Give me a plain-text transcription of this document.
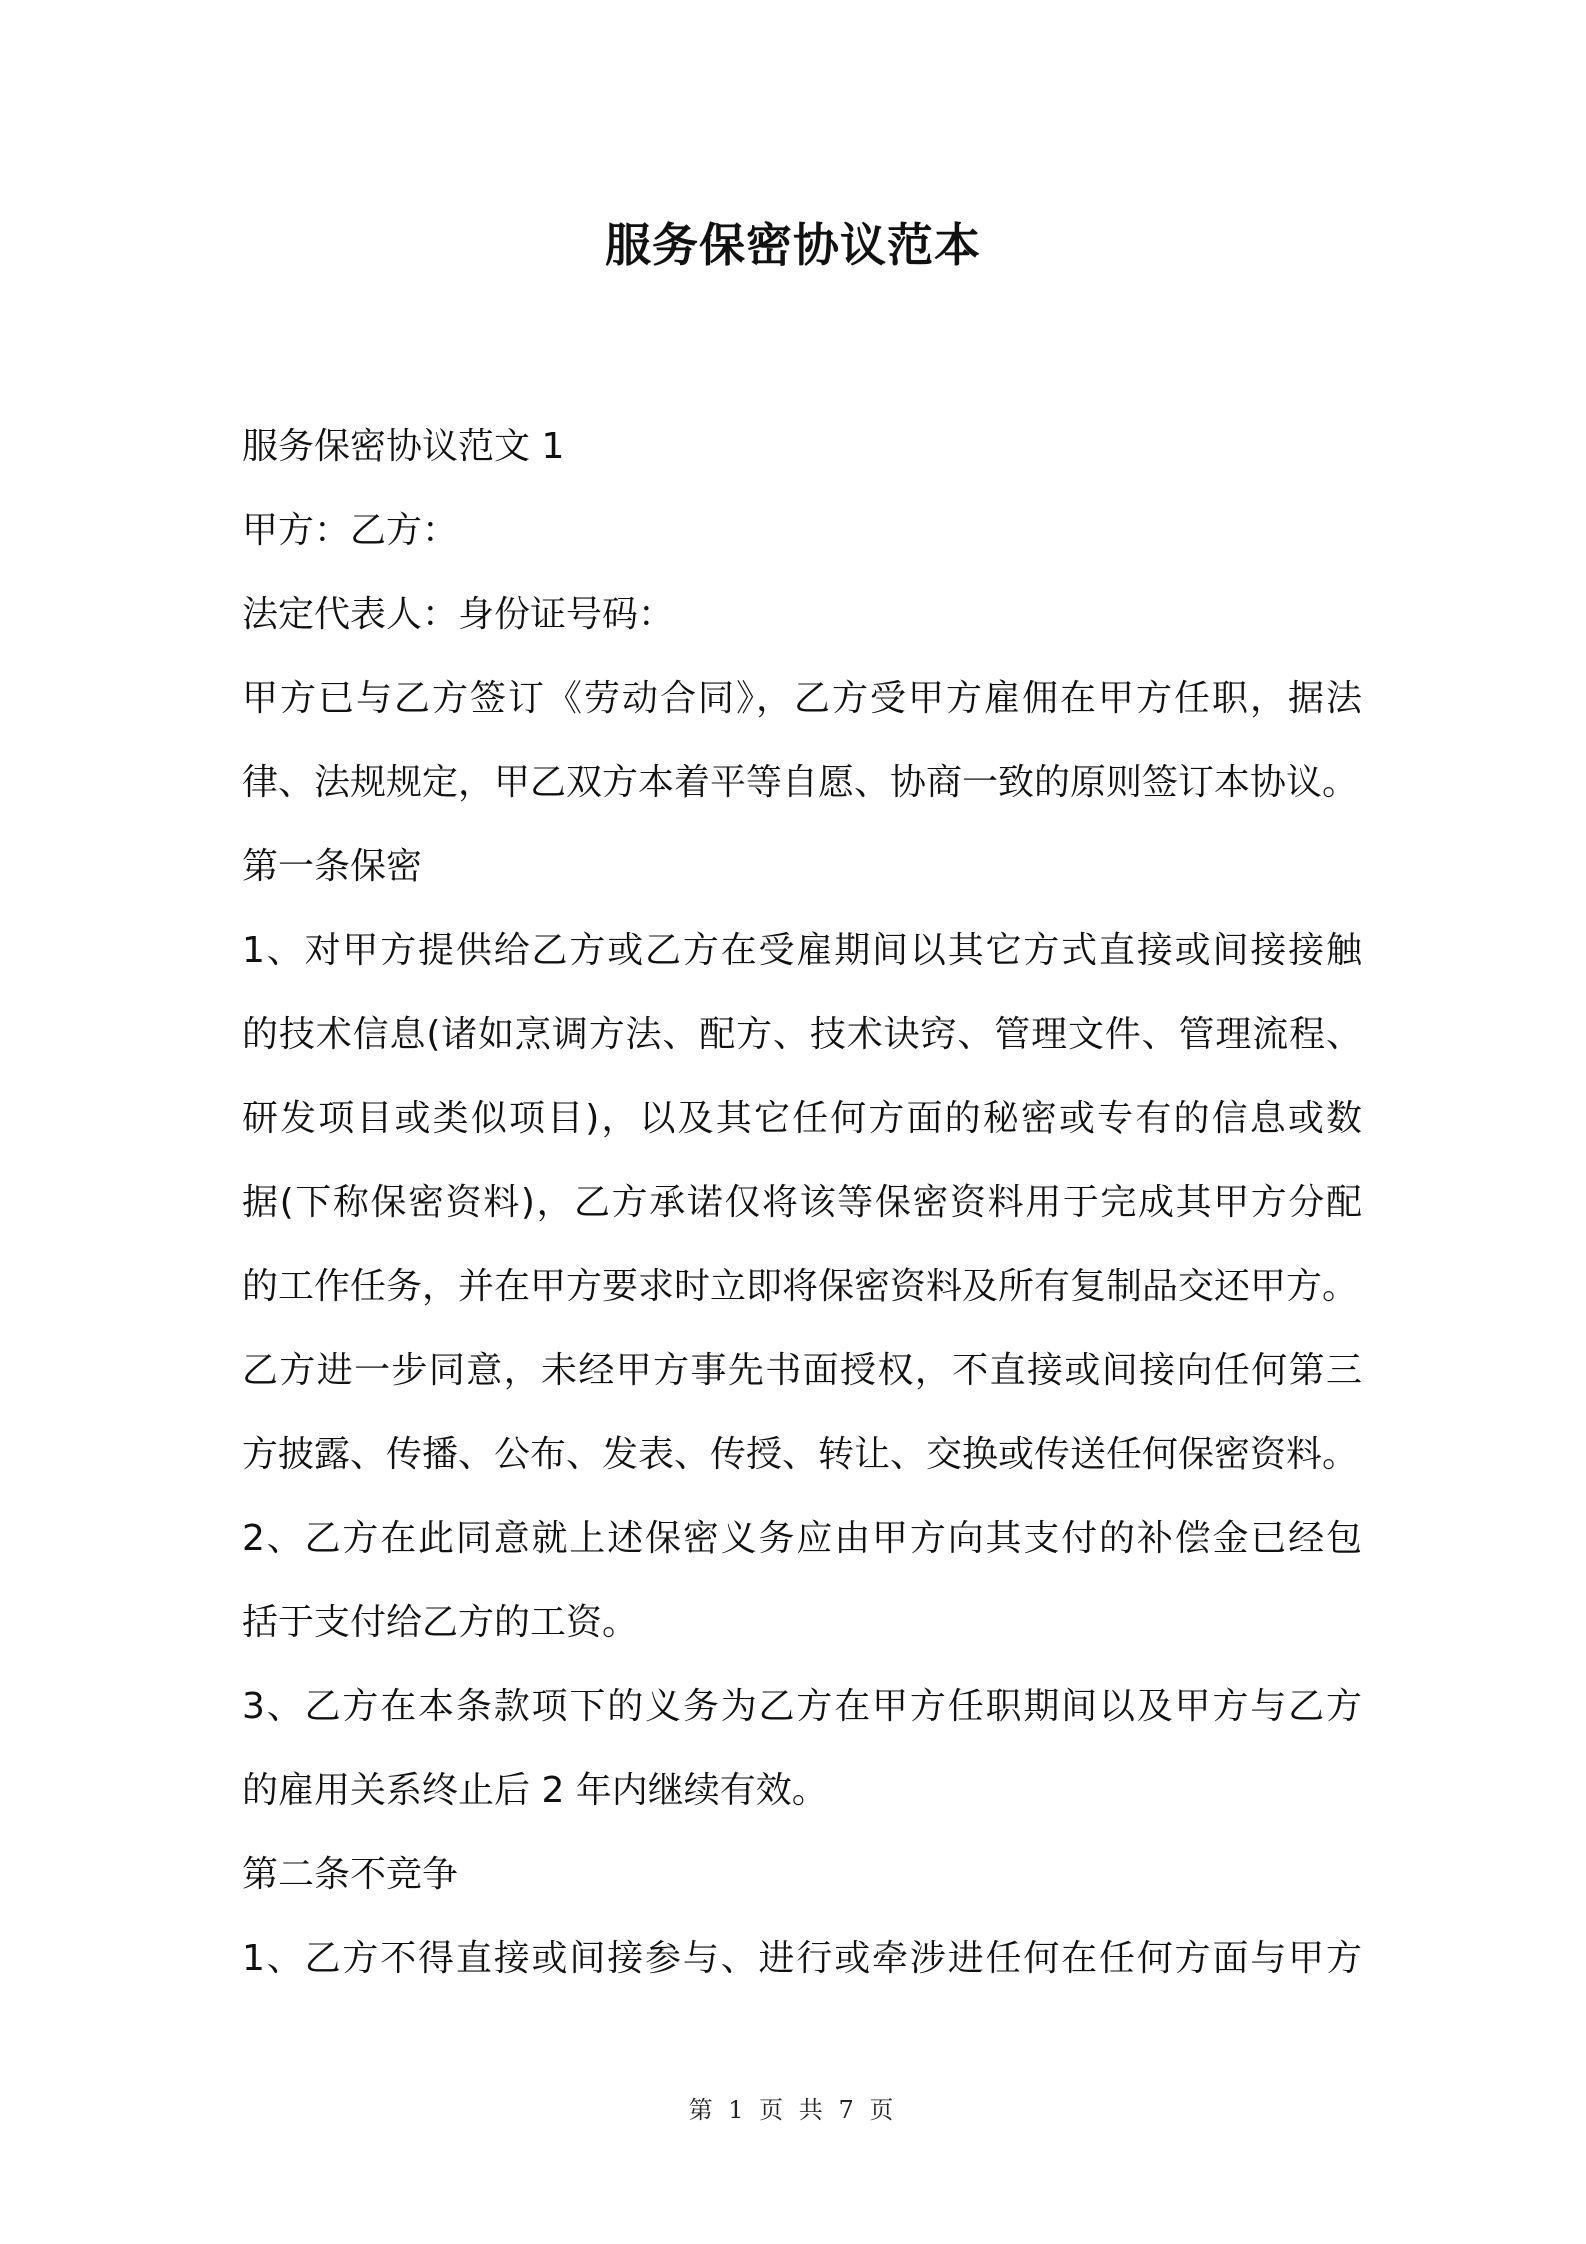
服务保密协议范本

服务保密协议范文 1

甲方：乙方：

法定代表人：身份证号码：

甲方已与乙方签订《劳动合同》，乙方受甲方雇佣在甲方任职，据法

律、法规规定，甲乙双方本着平等自愿、协商一致的原则签订本协议。

第一条保密

1、对甲方提供给乙方或乙方在受雇期间以其它方式直接或间接接触

的技术信息(诸如烹调方法、配方、技术诀窍、管理文件、管理流程、

研发项目或类似项目)，以及其它任何方面的秘密或专有的信息或数

据(下称保密资料)，乙方承诺仅将该等保密资料用于完成其甲方分配

的工作任务，并在甲方要求时立即将保密资料及所有复制品交还甲方。

乙方进一步同意，未经甲方事先书面授权，不直接或间接向任何第三

方披露、传播、公布、发表、传授、转让、交换或传送任何保密资料。

2、乙方在此同意就上述保密义务应由甲方向其支付的补偿金已经包

括于支付给乙方的工资。

3、乙方在本条款项下的义务为乙方在甲方任职期间以及甲方与乙方

的雇用关系终止后 2 年内继续有效。

第二条不竞争

1、乙方不得直接或间接参与、进行或牵涉进任何在任何方面与甲方

第 1 页 共 7 页
